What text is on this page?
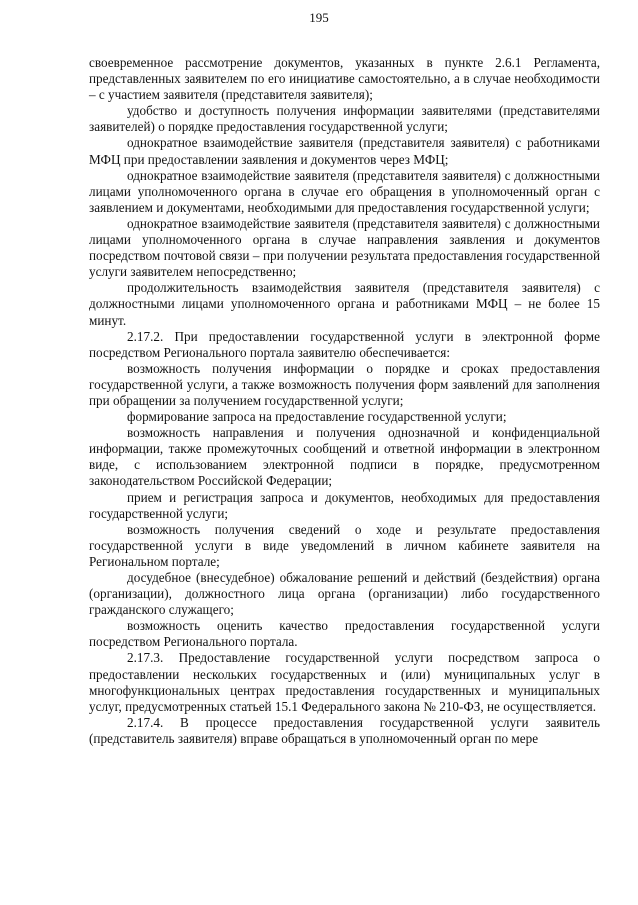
195

своевременное рассмотрение документов, указанных в пункте 2.6.1 Регламента, представленных заявителем по его инициативе самостоятельно, а в случае необходимости – с участием заявителя (представителя заявителя);

удобство и доступность получения информации заявителями (представителями заявителей) о порядке предоставления государственной услуги;

однократное взаимодействие заявителя (представителя заявителя) с работниками МФЦ при предоставлении заявления и документов через МФЦ;

однократное взаимодействие заявителя (представителя заявителя) с должностными лицами уполномоченного органа в случае его обращения в уполномоченный орган с заявлением и документами, необходимыми для предоставления государственной услуги;

однократное взаимодействие заявителя (представителя заявителя) с должностными лицами уполномоченного органа в случае направления заявления и документов посредством почтовой связи – при получении результата предоставления государственной услуги заявителем непосредственно;

продолжительность взаимодействия заявителя (представителя заявителя) с должностными лицами уполномоченного органа и работниками МФЦ – не более 15 минут.

2.17.2. При предоставлении государственной услуги в электронной форме посредством Регионального портала заявителю обеспечивается:

возможность получения информации о порядке и сроках предоставления государственной услуги, а также возможность получения форм заявлений для заполнения при обращении за получением государственной услуги;

формирование запроса на предоставление государственной услуги;

возможность направления и получения однозначной и конфиденциальной информации, также промежуточных сообщений и ответной информации в электронном виде, с использованием электронной подписи в порядке, предусмотренном законодательством Российской Федерации;

прием и регистрация запроса и документов, необходимых для предоставления государственной услуги;

возможность получения сведений о ходе и результате предоставления государственной услуги в виде уведомлений в личном кабинете заявителя на Региональном портале;

досудебное (внесудебное) обжалование решений и действий (бездействия) органа (организации), должностного лица органа (организации) либо государственного гражданского служащего;

возможность оценить качество предоставления государственной услуги посредством Регионального портала.

2.17.3. Предоставление государственной услуги посредством запроса о предоставлении нескольких государственных и (или) муниципальных услуг в многофункциональных центрах предоставления государственных и муниципальных услуг, предусмотренных статьей 15.1 Федерального закона № 210-ФЗ, не осуществляется.

2.17.4. В процессе предоставления государственной услуги заявитель (представитель заявителя) вправе обращаться в уполномоченный орган по мере
